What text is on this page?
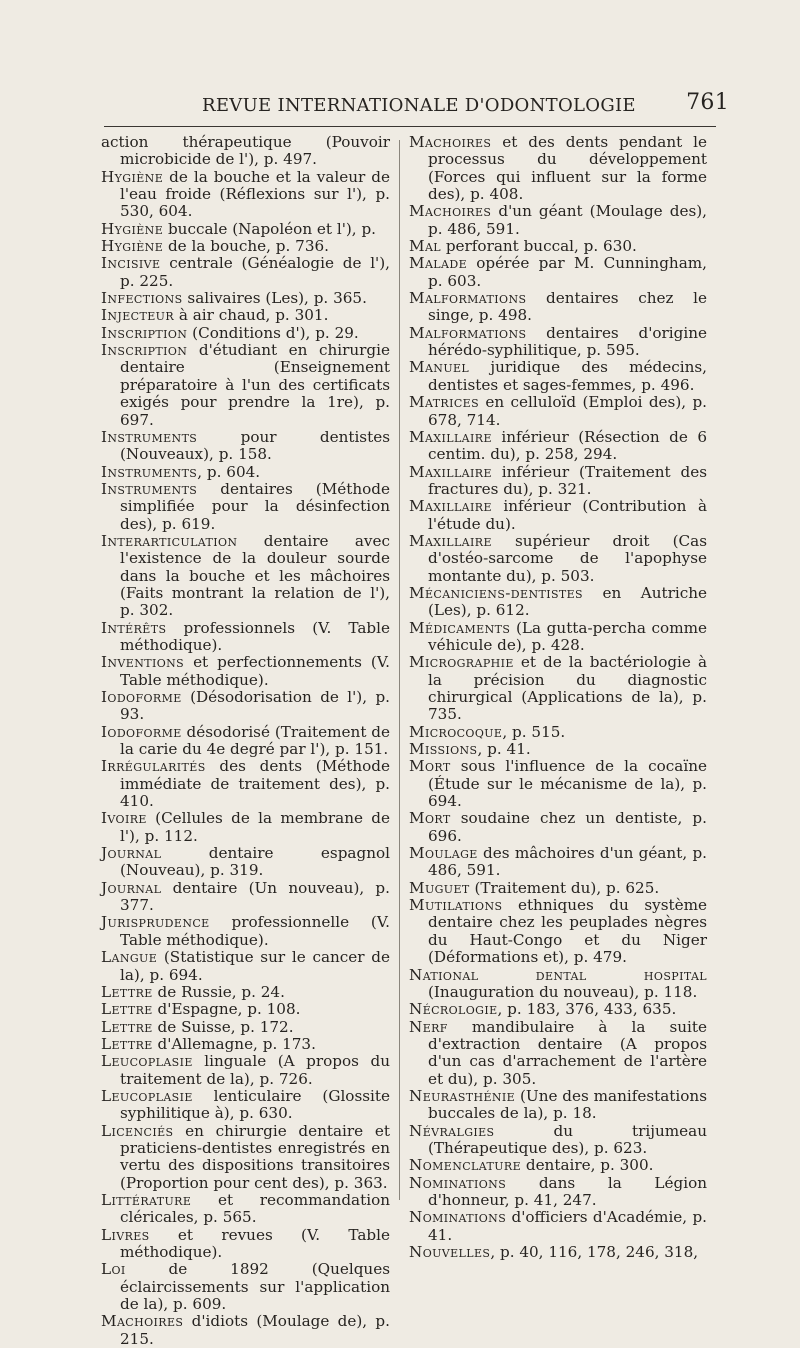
REVUE INTERNATIONALE D'ODONTOLOGIE 761

action thérapeutique (Pouvoir microbicide de l'), p. 497.

Hygiène de la bouche et la valeur de l'eau froide (Réflexions sur l'), p. 530, 604.

Hygiène buccale (Napoléon et l'), p.

Hygiène de la bouche, p. 736.

Incisive centrale (Généalogie de l'), p. 225.

Infections salivaires (Les), p. 365.

Injecteur à air chaud, p. 301.

Inscription (Conditions d'), p. 29.

Inscription d'étudiant en chirurgie dentaire (Enseignement préparatoire à l'un des certificats exigés pour prendre la 1re), p. 697.

Instruments pour dentistes (Nouveaux), p. 158.

Instruments, p. 604.

Instruments dentaires (Méthode simplifiée pour la désinfection des), p. 619.

Interarticulation dentaire avec l'existence de la douleur sourde dans la bouche et les mâchoires (Faits montrant la relation de l'), p. 302.

Intérêts professionnels (V. Table méthodique).

Inventions et perfectionnements (V. Table méthodique).

Iodoforme (Désodorisation de l'), p. 93.

Iodoforme désodorisé (Traitement de la carie du 4e degré par l'), p. 151.

Irrégularités des dents (Méthode immédiate de traitement des), p. 410.

Ivoire (Cellules de la membrane de l'), p. 112.

Journal dentaire espagnol (Nouveau), p. 319.

Journal dentaire (Un nouveau), p. 377.

Jurisprudence professionnelle (V. Table méthodique).

Langue (Statistique sur le cancer de la), p. 694.

Lettre de Russie, p. 24.

Lettre d'Espagne, p. 108.

Lettre de Suisse, p. 172.

Lettre d'Allemagne, p. 173.

Leucoplasie linguale (A propos du traitement de la), p. 726.

Leucoplasie lenticulaire (Glossite syphilitique à), p. 630.

Licenciés en chirurgie dentaire et praticiens-dentistes enregistrés en vertu des dispositions transitoires (Proportion pour cent des), p. 363.

Littérature et recommandation cléricales, p. 565.

Livres et revues (V. Table méthodique).

Loi de 1892 (Quelques éclaircissements sur l'application de la), p. 609.

Machoires d'idiots (Moulage de), p. 215.

Machoires et des dents pendant le processus du développement (Forces qui influent sur la forme des), p. 408.

Machoires d'un géant (Moulage des), p. 486, 591.

Mal perforant buccal, p. 630.

Malade opérée par M. Cunningham, p. 603.

Malformations dentaires chez le singe, p. 498.

Malformations dentaires d'origine hérédo-syphilitique, p. 595.

Manuel juridique des médecins, dentistes et sages-femmes, p. 496.

Matrices en celluloïd (Emploi des), p. 678, 714.

Maxillaire inférieur (Résection de 6 centim. du), p. 258, 294.

Maxillaire inférieur (Traitement des fractures du), p. 321.

Maxillaire inférieur (Contribution à l'étude du).

Maxillaire supérieur droit (Cas d'ostéo-sarcome de l'apophyse montante du), p. 503.

Mécaniciens-dentistes en Autriche (Les), p. 612.

Médicaments (La gutta-percha comme véhicule de), p. 428.

Micrographie et de la bactériologie à la précision du diagnostic chirurgical (Applications de la), p. 735.

Microcoque, p. 515.

Missions, p. 41.

Mort sous l'influence de la cocaïne (Étude sur le mécanisme de la), p. 694.

Mort soudaine chez un dentiste, p. 696.

Moulage des mâchoires d'un géant, p. 486, 591.

Muguet (Traitement du), p. 625.

Mutilations ethniques du système dentaire chez les peuplades nègres du Haut-Congo et du Niger (Déformations et), p. 479.

National dental hospital (Inauguration du nouveau), p. 118.

Nécrologie, p. 183, 376, 433, 635.

Nerf mandibulaire à la suite d'extraction dentaire (A propos d'un cas d'arrachement de l'artère et du), p. 305.

Neurasthénie (Une des manifestations buccales de la), p. 18.

Névralgies du trijumeau (Thérapeutique des), p. 623.

Nomenclature dentaire, p. 300.

Nominations dans la Légion d'honneur, p. 41, 247.

Nominations d'officiers d'Académie, p. 41.

Nouvelles, p. 40, 116, 178, 246, 318,
